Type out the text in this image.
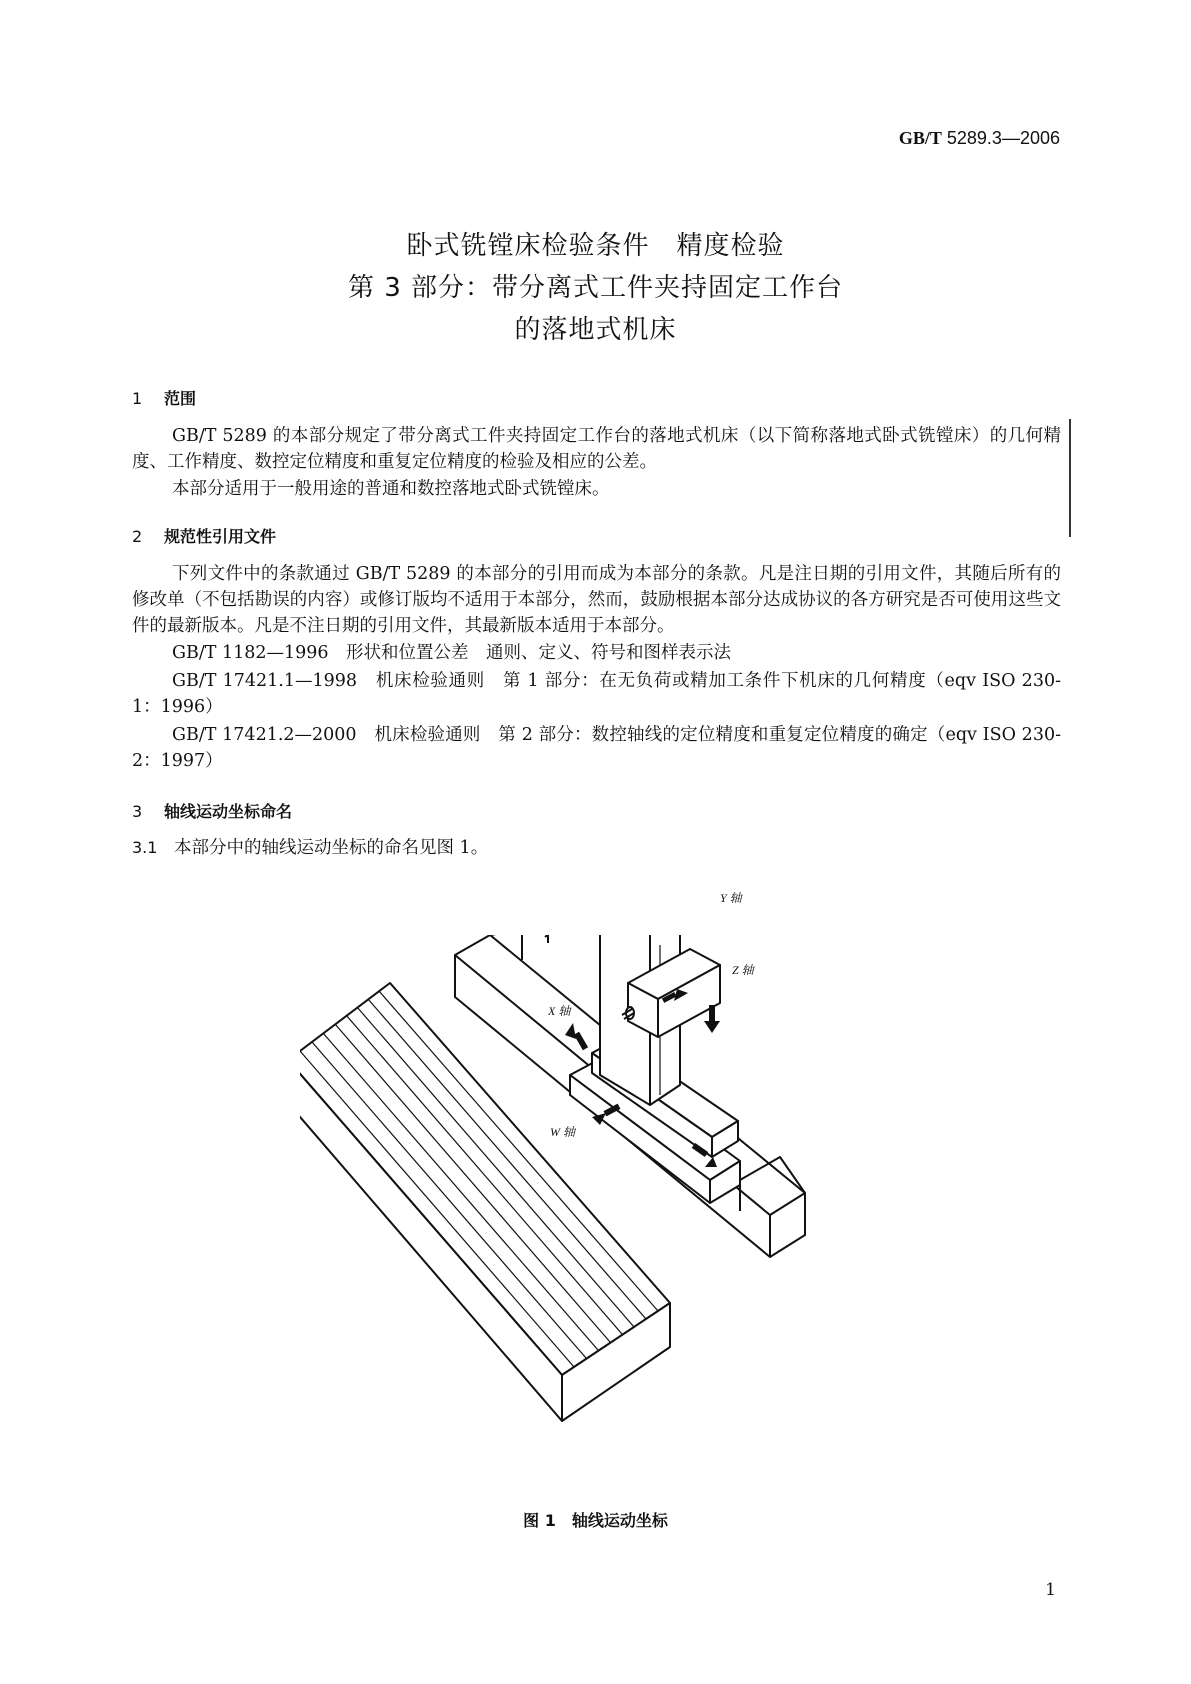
GB/T 5289.3—2006
卧式铣镗床检验条件　精度检验
第 3 部分：带分离式工件夹持固定工作台
的落地式机床
1 范围
GB/T 5289 的本部分规定了带分离式工件夹持固定工作台的落地式机床（以下简称落地式卧式铣镗床）的几何精度、工作精度、数控定位精度和重复定位精度的检验及相应的公差。
本部分适用于一般用途的普通和数控落地式卧式铣镗床。
2 规范性引用文件
下列文件中的条款通过 GB/T 5289 的本部分的引用而成为本部分的条款。凡是注日期的引用文件，其随后所有的修改单（不包括勘误的内容）或修订版均不适用于本部分，然而，鼓励根据本部分达成协议的各方研究是否可使用这些文件的最新版本。凡是不注日期的引用文件，其最新版本适用于本部分。
GB/T 1182—1996　形状和位置公差　通则、定义、符号和图样表示法
GB/T 17421.1—1998　机床检验通则　第 1 部分：在无负荷或精加工条件下机床的几何精度（eqv ISO 230-1：1996）
GB/T 17421.2—2000　机床检验通则　第 2 部分：数控轴线的定位精度和重复定位精度的确定（eqv ISO 230-2：1997）
3 轴线运动坐标命名
3.1 本部分中的轴线运动坐标的命名见图 1。
Y 轴
Z 轴
X 轴
W 轴
图 1　轴线运动坐标
1
